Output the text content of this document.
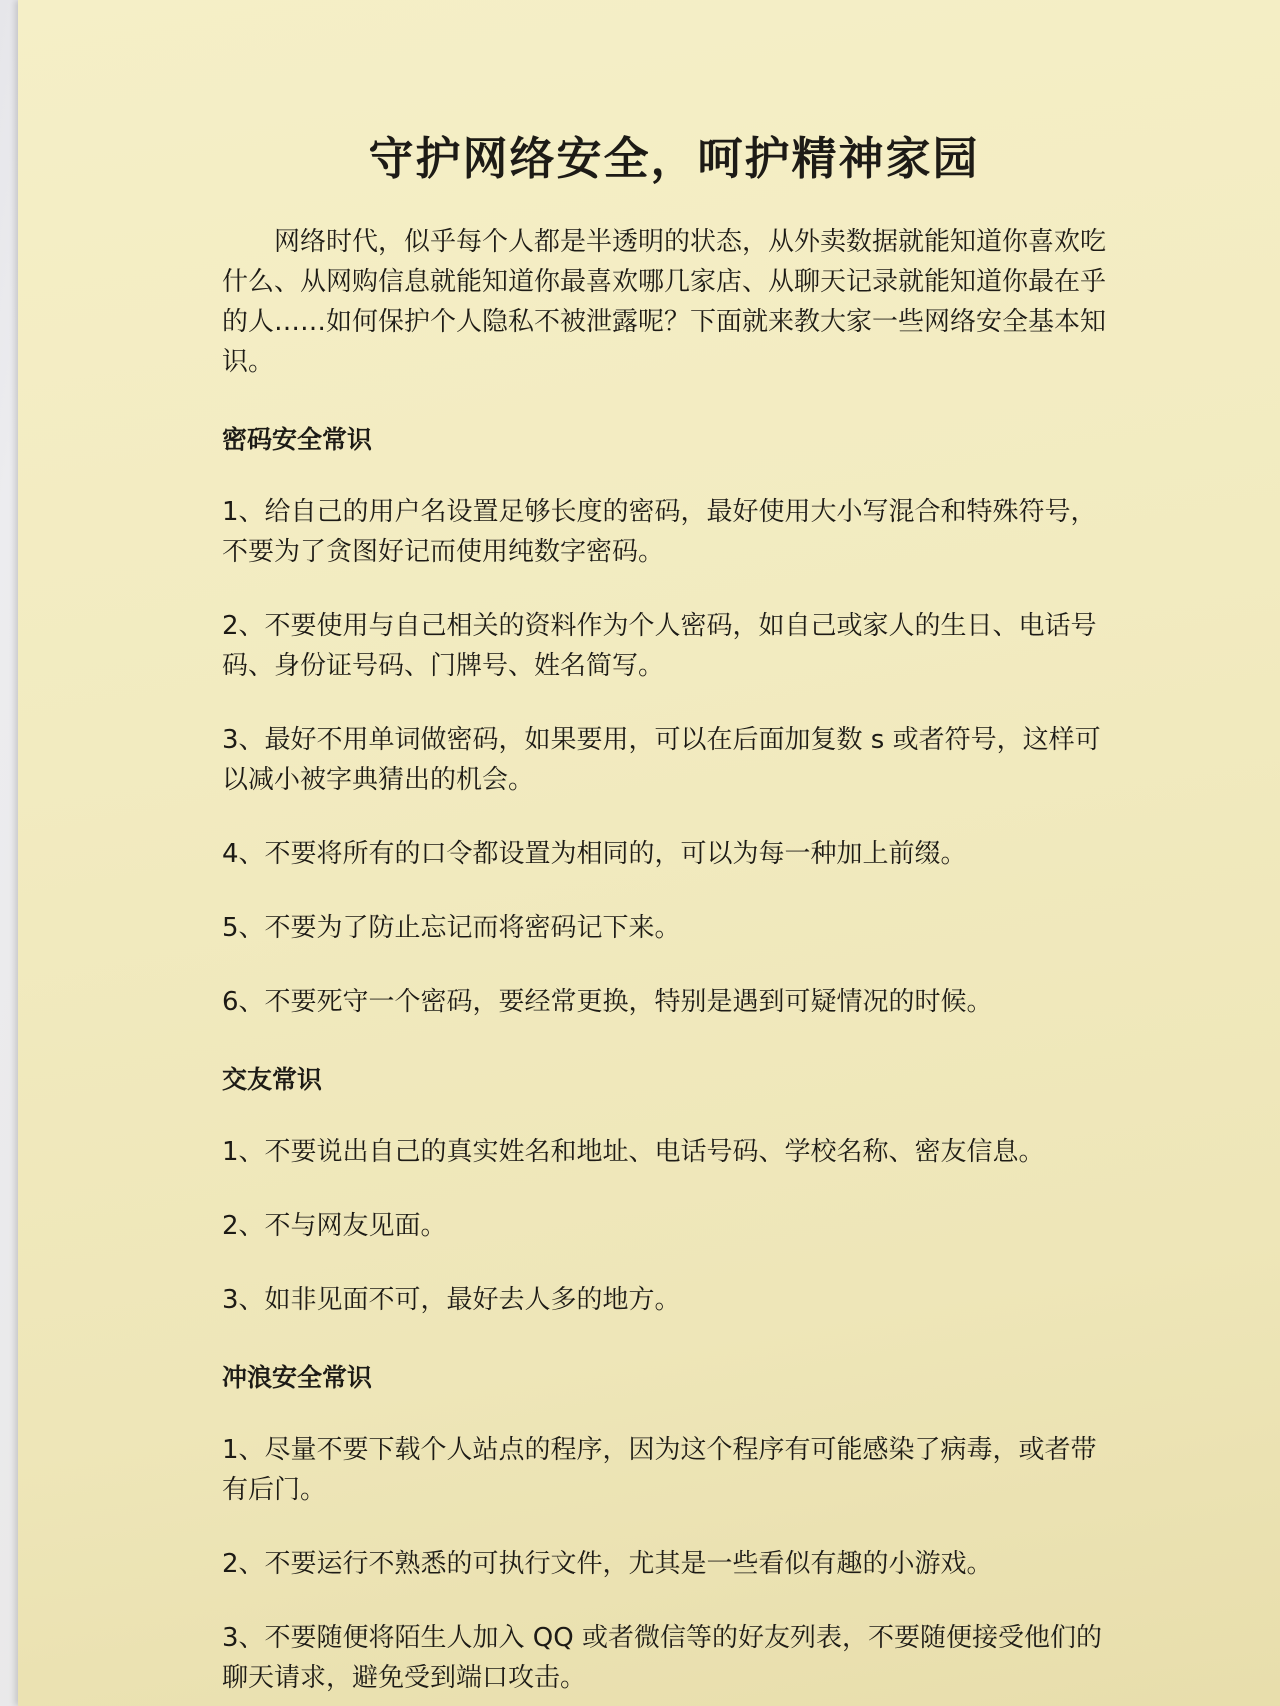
守护网络安全，呵护精神家园

网络时代，似乎每个人都是半透明的状态，从外卖数据就能知道你喜欢吃什么、从网购信息就能知道你最喜欢哪几家店、从聊天记录就能知道你最在乎的人……如何保护个人隐私不被泄露呢？下面就来教大家一些网络安全基本知识。

密码安全常识

1、给自己的用户名设置足够长度的密码，最好使用大小写混合和特殊符号，不要为了贪图好记而使用纯数字密码。

2、不要使用与自己相关的资料作为个人密码，如自己或家人的生日、电话号码、身份证号码、门牌号、姓名简写。

3、最好不用单词做密码，如果要用，可以在后面加复数 s 或者符号，这样可以减小被字典猜出的机会。

4、不要将所有的口令都设置为相同的，可以为每一种加上前缀。

5、不要为了防止忘记而将密码记下来。

6、不要死守一个密码，要经常更换，特别是遇到可疑情况的时候。

交友常识

1、不要说出自己的真实姓名和地址、电话号码、学校名称、密友信息。

2、不与网友见面。

3、如非见面不可，最好去人多的地方。

冲浪安全常识

1、尽量不要下载个人站点的程序，因为这个程序有可能感染了病毒，或者带有后门。

2、不要运行不熟悉的可执行文件，尤其是一些看似有趣的小游戏。

3、不要随便将陌生人加入 QQ 或者微信等的好友列表，不要随便接受他们的聊天请求，避免受到端口攻击。
